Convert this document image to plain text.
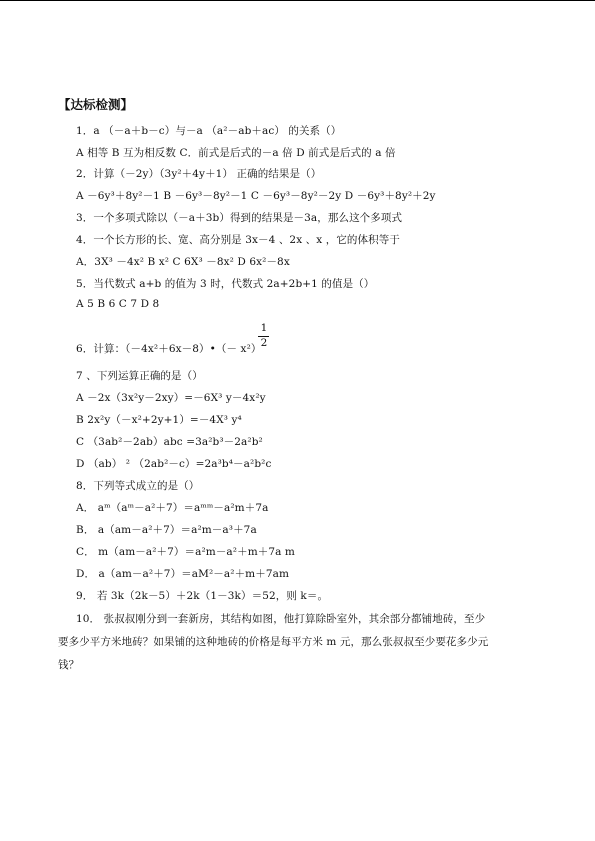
【达标检测】
1．a （－a＋b－c）与－a （a²－ab＋ac） 的关系（）
A 相等 B 互为相反数 C．前式是后式的－a 倍 D 前式是后式的 a 倍
2．计算（－2y）（3y²＋4y＋1） 正确的结果是（）
A －6y³＋8y²－1 B －6y³－8y²－1 C －6y³－8y²－2y D －6y³＋8y²＋2y
3．一个多项式除以（－a＋3b）得到的结果是－3a，那么这个多项式
4．一个长方形的长、宽、高分别是 3x－4 、2x 、x ，它的体积等于
A．3X³ －4x² B x² C 6X³ －8x² D 6x²－8x
5．当代数式 a+b 的值为 3 时，代数式 2a+2b+1 的值是（）
A 5 B 6 C 7 D 8
6．计算：（－4x²＋6x－8）•（－ x²）
1
2
7 、下列运算正确的是（）
A －2x（3x²y－2xy）=－6X³ y－4x²y
B 2x²y（－x²+2y+1）=－4X³ y⁴
C （3ab²－2ab）abc =3a²b³－2a²b²
D （ab） ² （2ab²－c）=2a³b⁴－a²b²c
8．下列等式成立的是（）
A． aᵐ（aᵐ－a²＋7）＝aᵐᵐ－a²m＋7a
B． a（am－a²＋7）＝a²m－a³＋7a
C． m（am－a²＋7）＝a²m－a²＋m＋7a m
D． a（am－a²＋7）＝aM²－a²＋m＋7am
9． 若 3k（2k－5）＋2k（1－3k）＝52，则 k＝。
10． 张叔叔刚分到一套新房，其结构如图，他打算除卧室外，其余部分都铺地砖，至少
要多少平方米地砖？如果铺的这种地砖的价格是每平方米 m 元，那么张叔叔至少要花多少元
钱？
